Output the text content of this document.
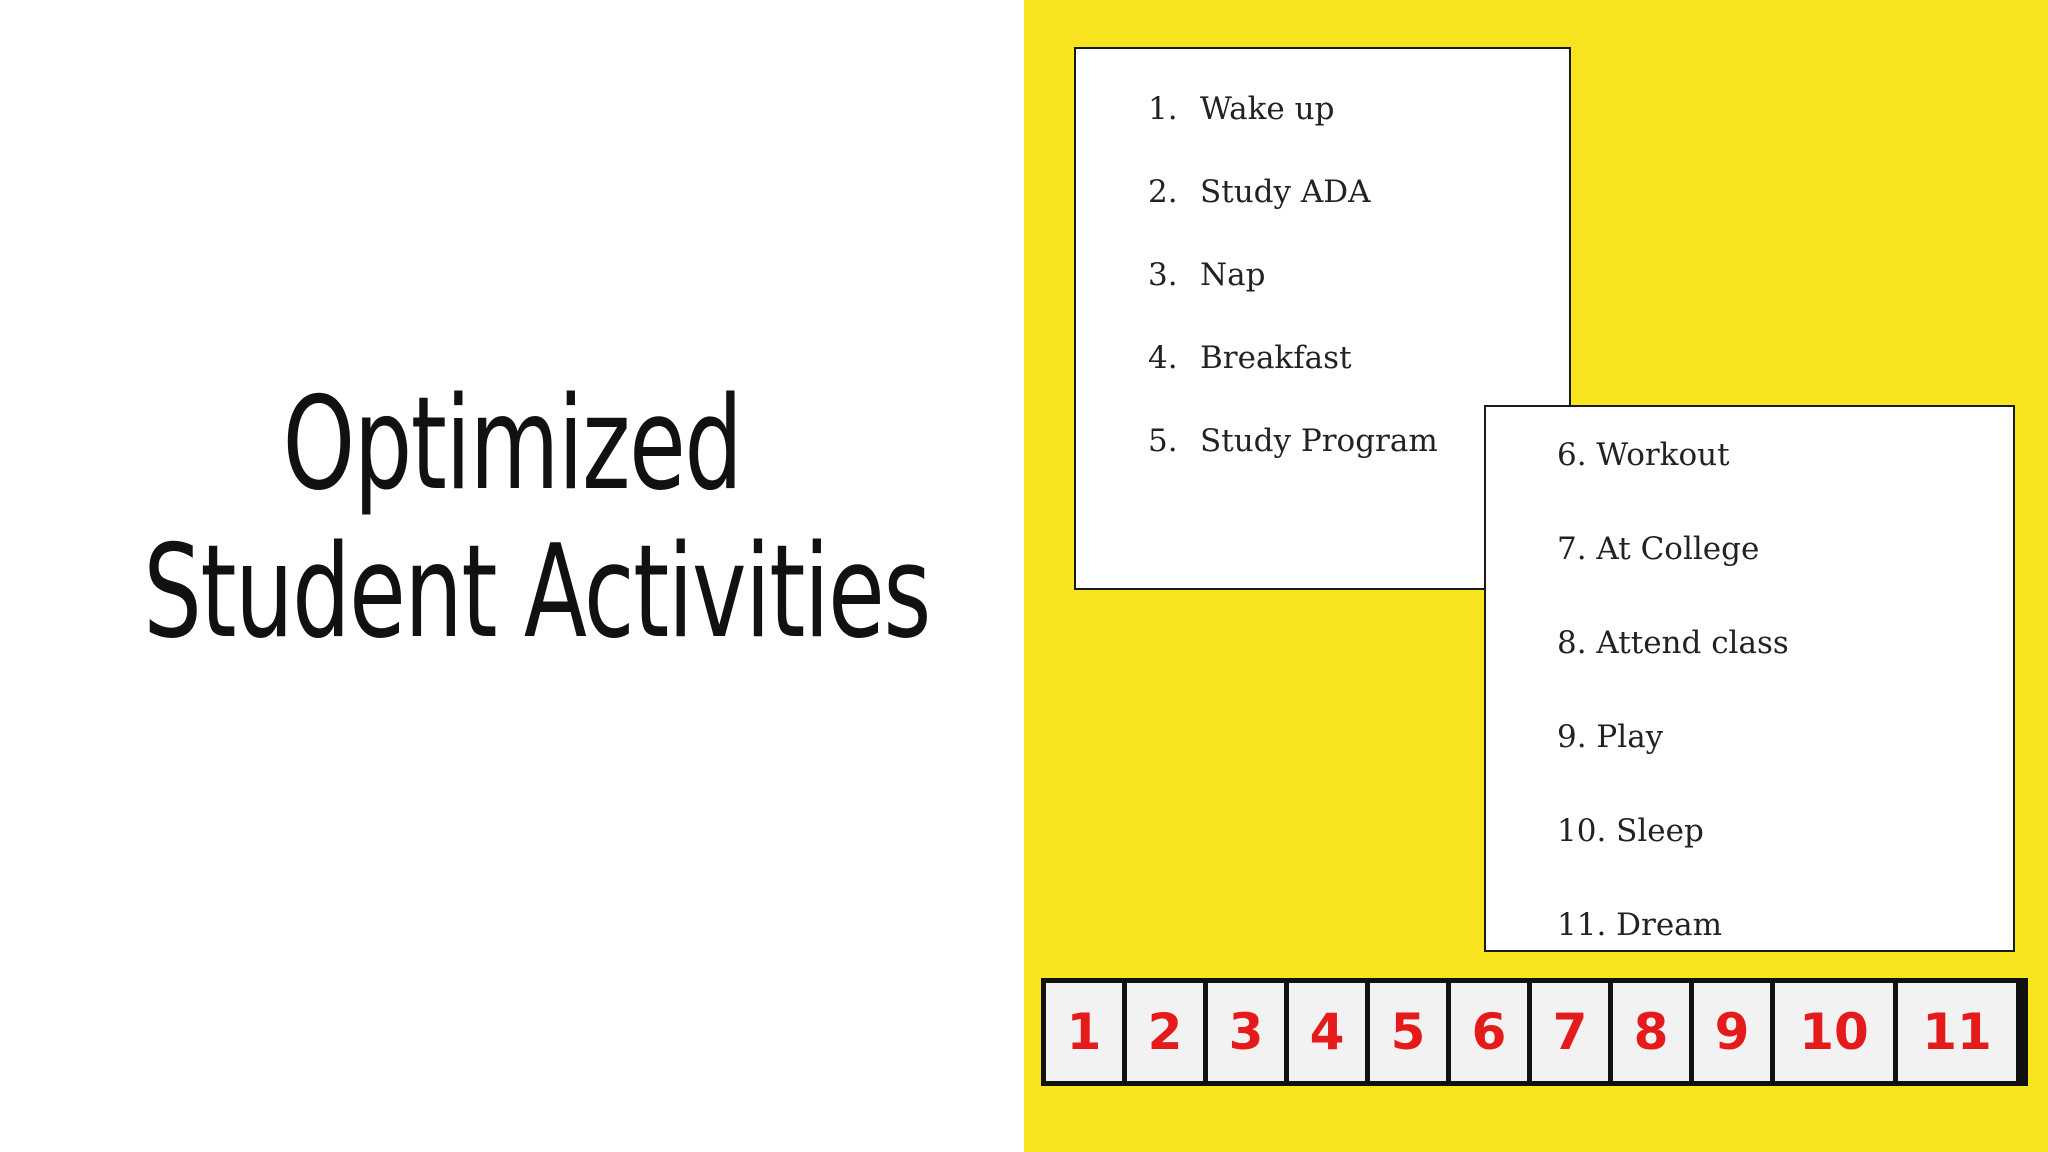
Optimized
Student Activities
1. Wake up
2. Study ADA
3. Nap
4. Breakfast
5. Study Program	6. Workout
7. At College
8. Attend class
9. Play
10. Sleep
11. Dream
1 2 3 4 5 6 7 8 9 10	11
